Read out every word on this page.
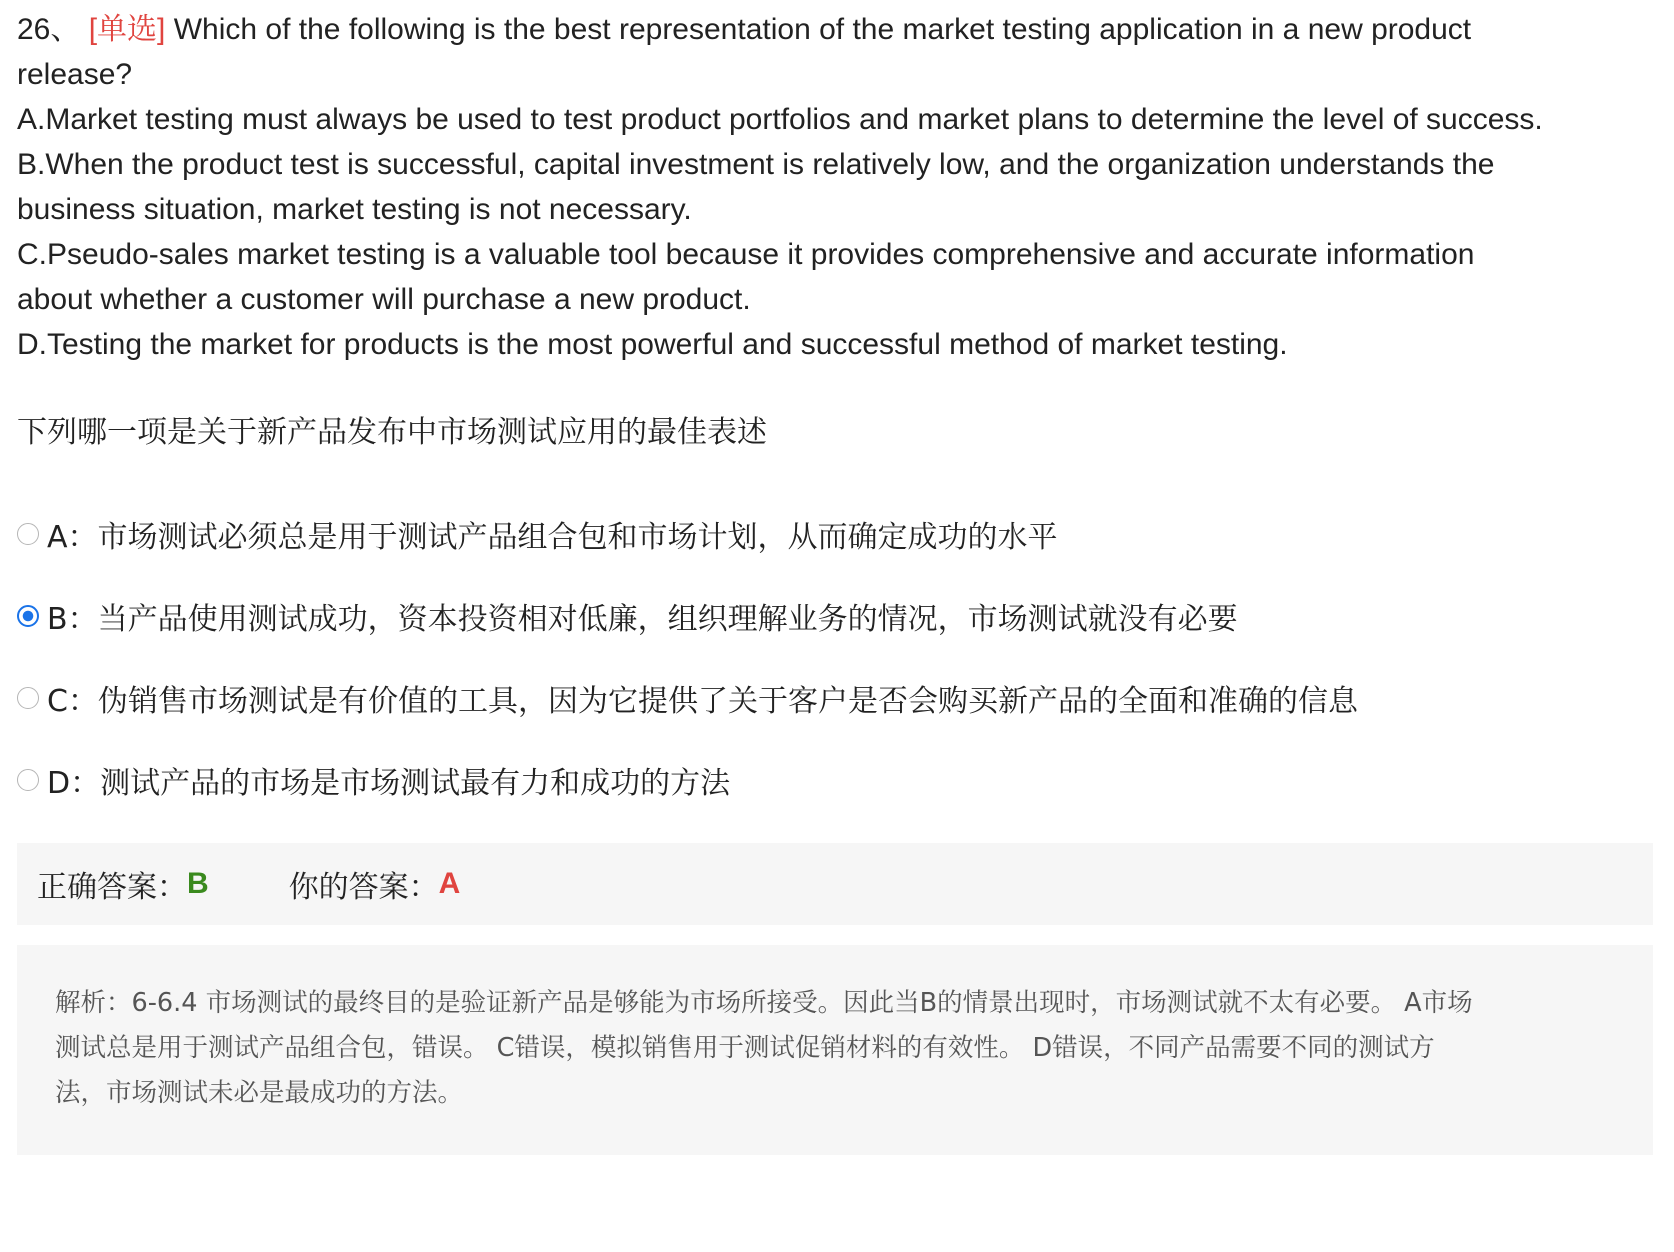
26、 [单选] Which of the following is the best representation of the market testing application in a new product
release?
A.Market testing must always be used to test product portfolios and market plans to determine the level of success.
B.When the product test is successful, capital investment is relatively low, and the organization understands the
business situation, market testing is not necessary.
C.Pseudo-sales market testing is a valuable tool because it provides comprehensive and accurate information
about whether a customer will purchase a new product.
D.Testing the market for products is the most powerful and successful method of market testing.
下列哪一项是关于新产品发布中市场测试应用的最佳表述
A：市场测试必须总是用于测试产品组合包和市场计划，从而确定成功的水平
B：当产品使用测试成功，资本投资相对低廉，组织理解业务的情况，市场测试就没有必要
C：伪销售市场测试是有价值的工具，因为它提供了关于客户是否会购买新产品的全面和准确的信息
D：测试产品的市场是市场测试最有力和成功的方法
正确答案： B	你的答案： A
解析：6-6.4 市场测试的最终目的是验证新产品是够能为市场所接受。因此当B的情景出现时，市场测试就不太有必要。 A市场
测试总是用于测试产品组合包，错误。 C错误，模拟销售用于测试促销材料的有效性。 D错误，不同产品需要不同的测试方
法，市场测试未必是最成功的方法。
